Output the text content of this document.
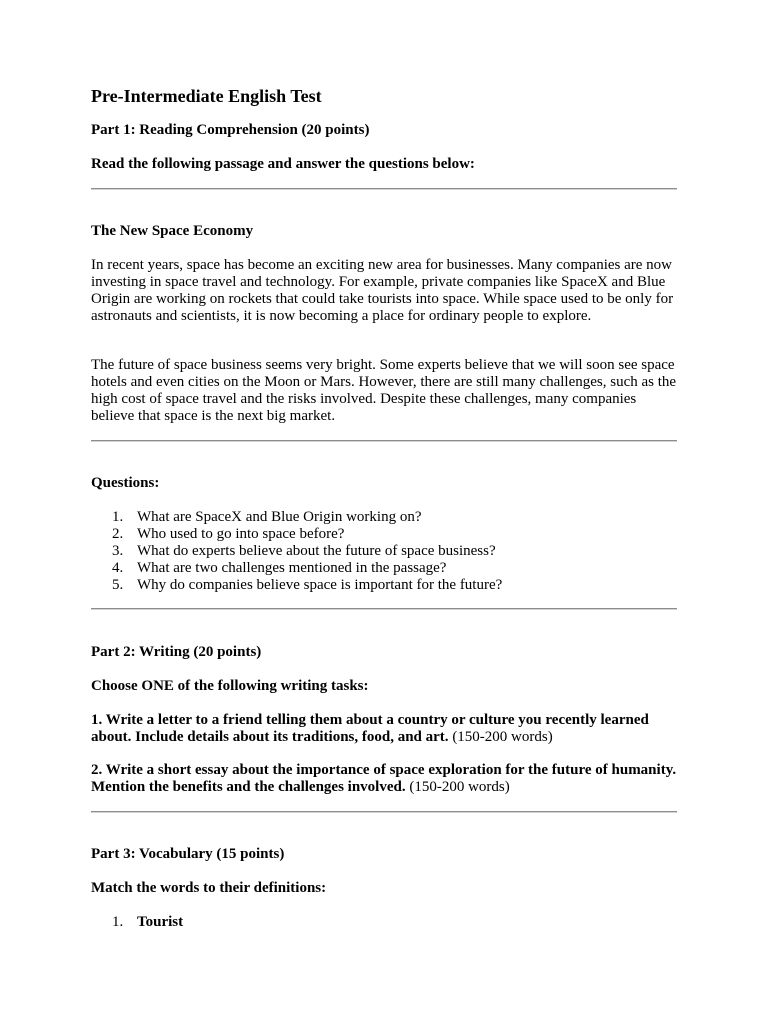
Pre-Intermediate English Test

Part 1: Reading Comprehension (20 points)

Read the following passage and answer the questions below:

The New Space Economy

In recent years, space has become an exciting new area for businesses. Many companies are now investing in space travel and technology. For example, private companies like SpaceX and Blue Origin are working on rockets that could take tourists into space. While space used to be only for astronauts and scientists, it is now becoming a place for ordinary people to explore.

The future of space business seems very bright. Some experts believe that we will soon see space hotels and even cities on the Moon or Mars. However, there are still many challenges, such as the high cost of space travel and the risks involved. Despite these challenges, many companies believe that space is the next big market.

Questions:

1. What are SpaceX and Blue Origin working on?
2. Who used to go into space before?
3. What do experts believe about the future of space business?
4. What are two challenges mentioned in the passage?
5. Why do companies believe space is important for the future?

Part 2: Writing (20 points)

Choose ONE of the following writing tasks:

1. Write a letter to a friend telling them about a country or culture you recently learned about. Include details about its traditions, food, and art. (150-200 words)

2. Write a short essay about the importance of space exploration for the future of humanity. Mention the benefits and the challenges involved. (150-200 words)

Part 3: Vocabulary (15 points)

Match the words to their definitions:

1. Tourist
